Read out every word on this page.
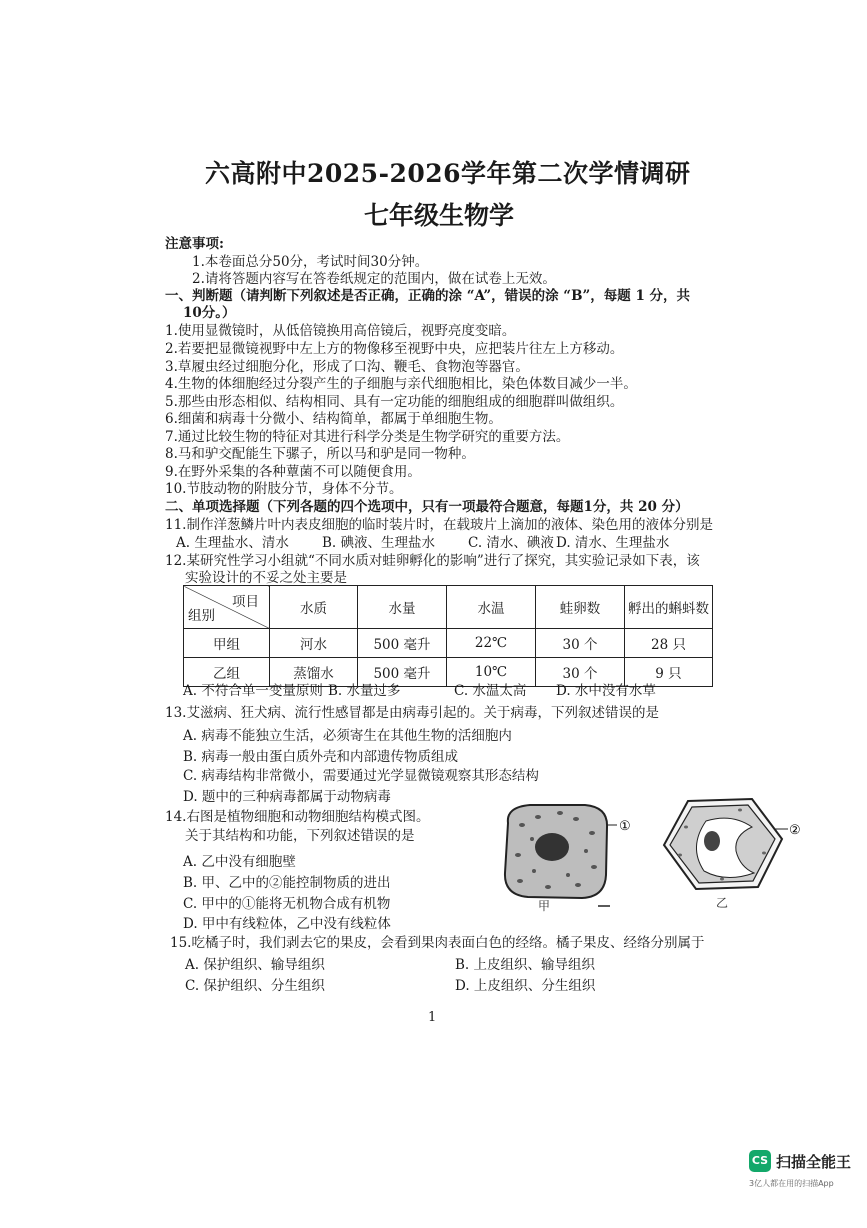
六高附中2025-2026学年第二次学情调研
七年级生物学
注意事项:
1.本卷面总分50分，考试时间30分钟。
2.请将答题内容写在答卷纸规定的范围内，做在试卷上无效。
一、判断题（请判断下列叙述是否正确，正确的涂 “A”，错误的涂 “B”，每题 1 分，共
10分。）
1.使用显微镜时，从低倍镜换用高倍镜后，视野亮度变暗。
2.若要把显微镜视野中左上方的物像移至视野中央，应把装片往左上方移动。
3.草履虫经过细胞分化，形成了口沟、鞭毛、食物泡等器官。
4.生物的体细胞经过分裂产生的子细胞与亲代细胞相比，染色体数目减少一半。
5.那些由形态相似、结构相同、具有一定功能的细胞组成的细胞群叫做组织。
6.细菌和病毒十分微小、结构简单，都属于单细胞生物。
7.通过比较生物的特征对其进行科学分类是生物学研究的重要方法。
8.马和驴交配能生下骡子，所以马和驴是同一物种。
9.在野外采集的各种蕈菌不可以随便食用。
10.节肢动物的附肢分节，身体不分节。
二、单项选择题（下列各题的四个选项中，只有一项最符合题意，每题1分，共 20 分）
11.制作洋葱鳞片叶内表皮细胞的临时装片时，在载玻片上滴加的液体、染色用的液体分别是
A. 生理盐水、清水 B. 碘液、生理盐水 C. 清水、碘液 D. 清水、生理盐水
12.某研究性学习小组就“不同水质对蛙卵孵化的影响”进行了探究，其实验记录如下表，该
实验设计的不妥之处主要是
项目
组别	水质	水量	水温	蛙卵数	孵出的蝌蚪数
甲组	河水	500 毫升	22℃	30 个	28 只
乙组	蒸馏水	500 毫升	10℃	30 个	9 只
A. 不符合单一变量原则 B. 水量过多	C. 水温太高 D. 水中没有水草
13.艾滋病、狂犬病、流行性感冒都是由病毒引起的。关于病毒，下列叙述错误的是
A. 病毒不能独立生活，必须寄生在其他生物的活细胞内
B. 病毒一般由蛋白质外壳和内部遗传物质组成
C. 病毒结构非常微小，需要通过光学显微镜观察其形态结构
D. 题中的三种病毒都属于动物病毒
14.右图是植物细胞和动物细胞结构模式图。
关于其结构和功能，下列叙述错误的是
A. 乙中没有细胞壁
B. 甲、乙中的②能控制物质的进出
C. 甲中的①能将无机物合成有机物
D. 甲中有线粒体，乙中没有线粒体
①
甲
②
乙
15.吃橘子时，我们剥去它的果皮，会看到果肉表面白色的经络。橘子果皮、经络分别属于
A. 保护组织、输导组织	B. 上皮组织、输导组织
C. 保护组织、分生组织	D. 上皮组织、分生组织
1
CS 扫描全能王
3亿人都在用的扫描App
